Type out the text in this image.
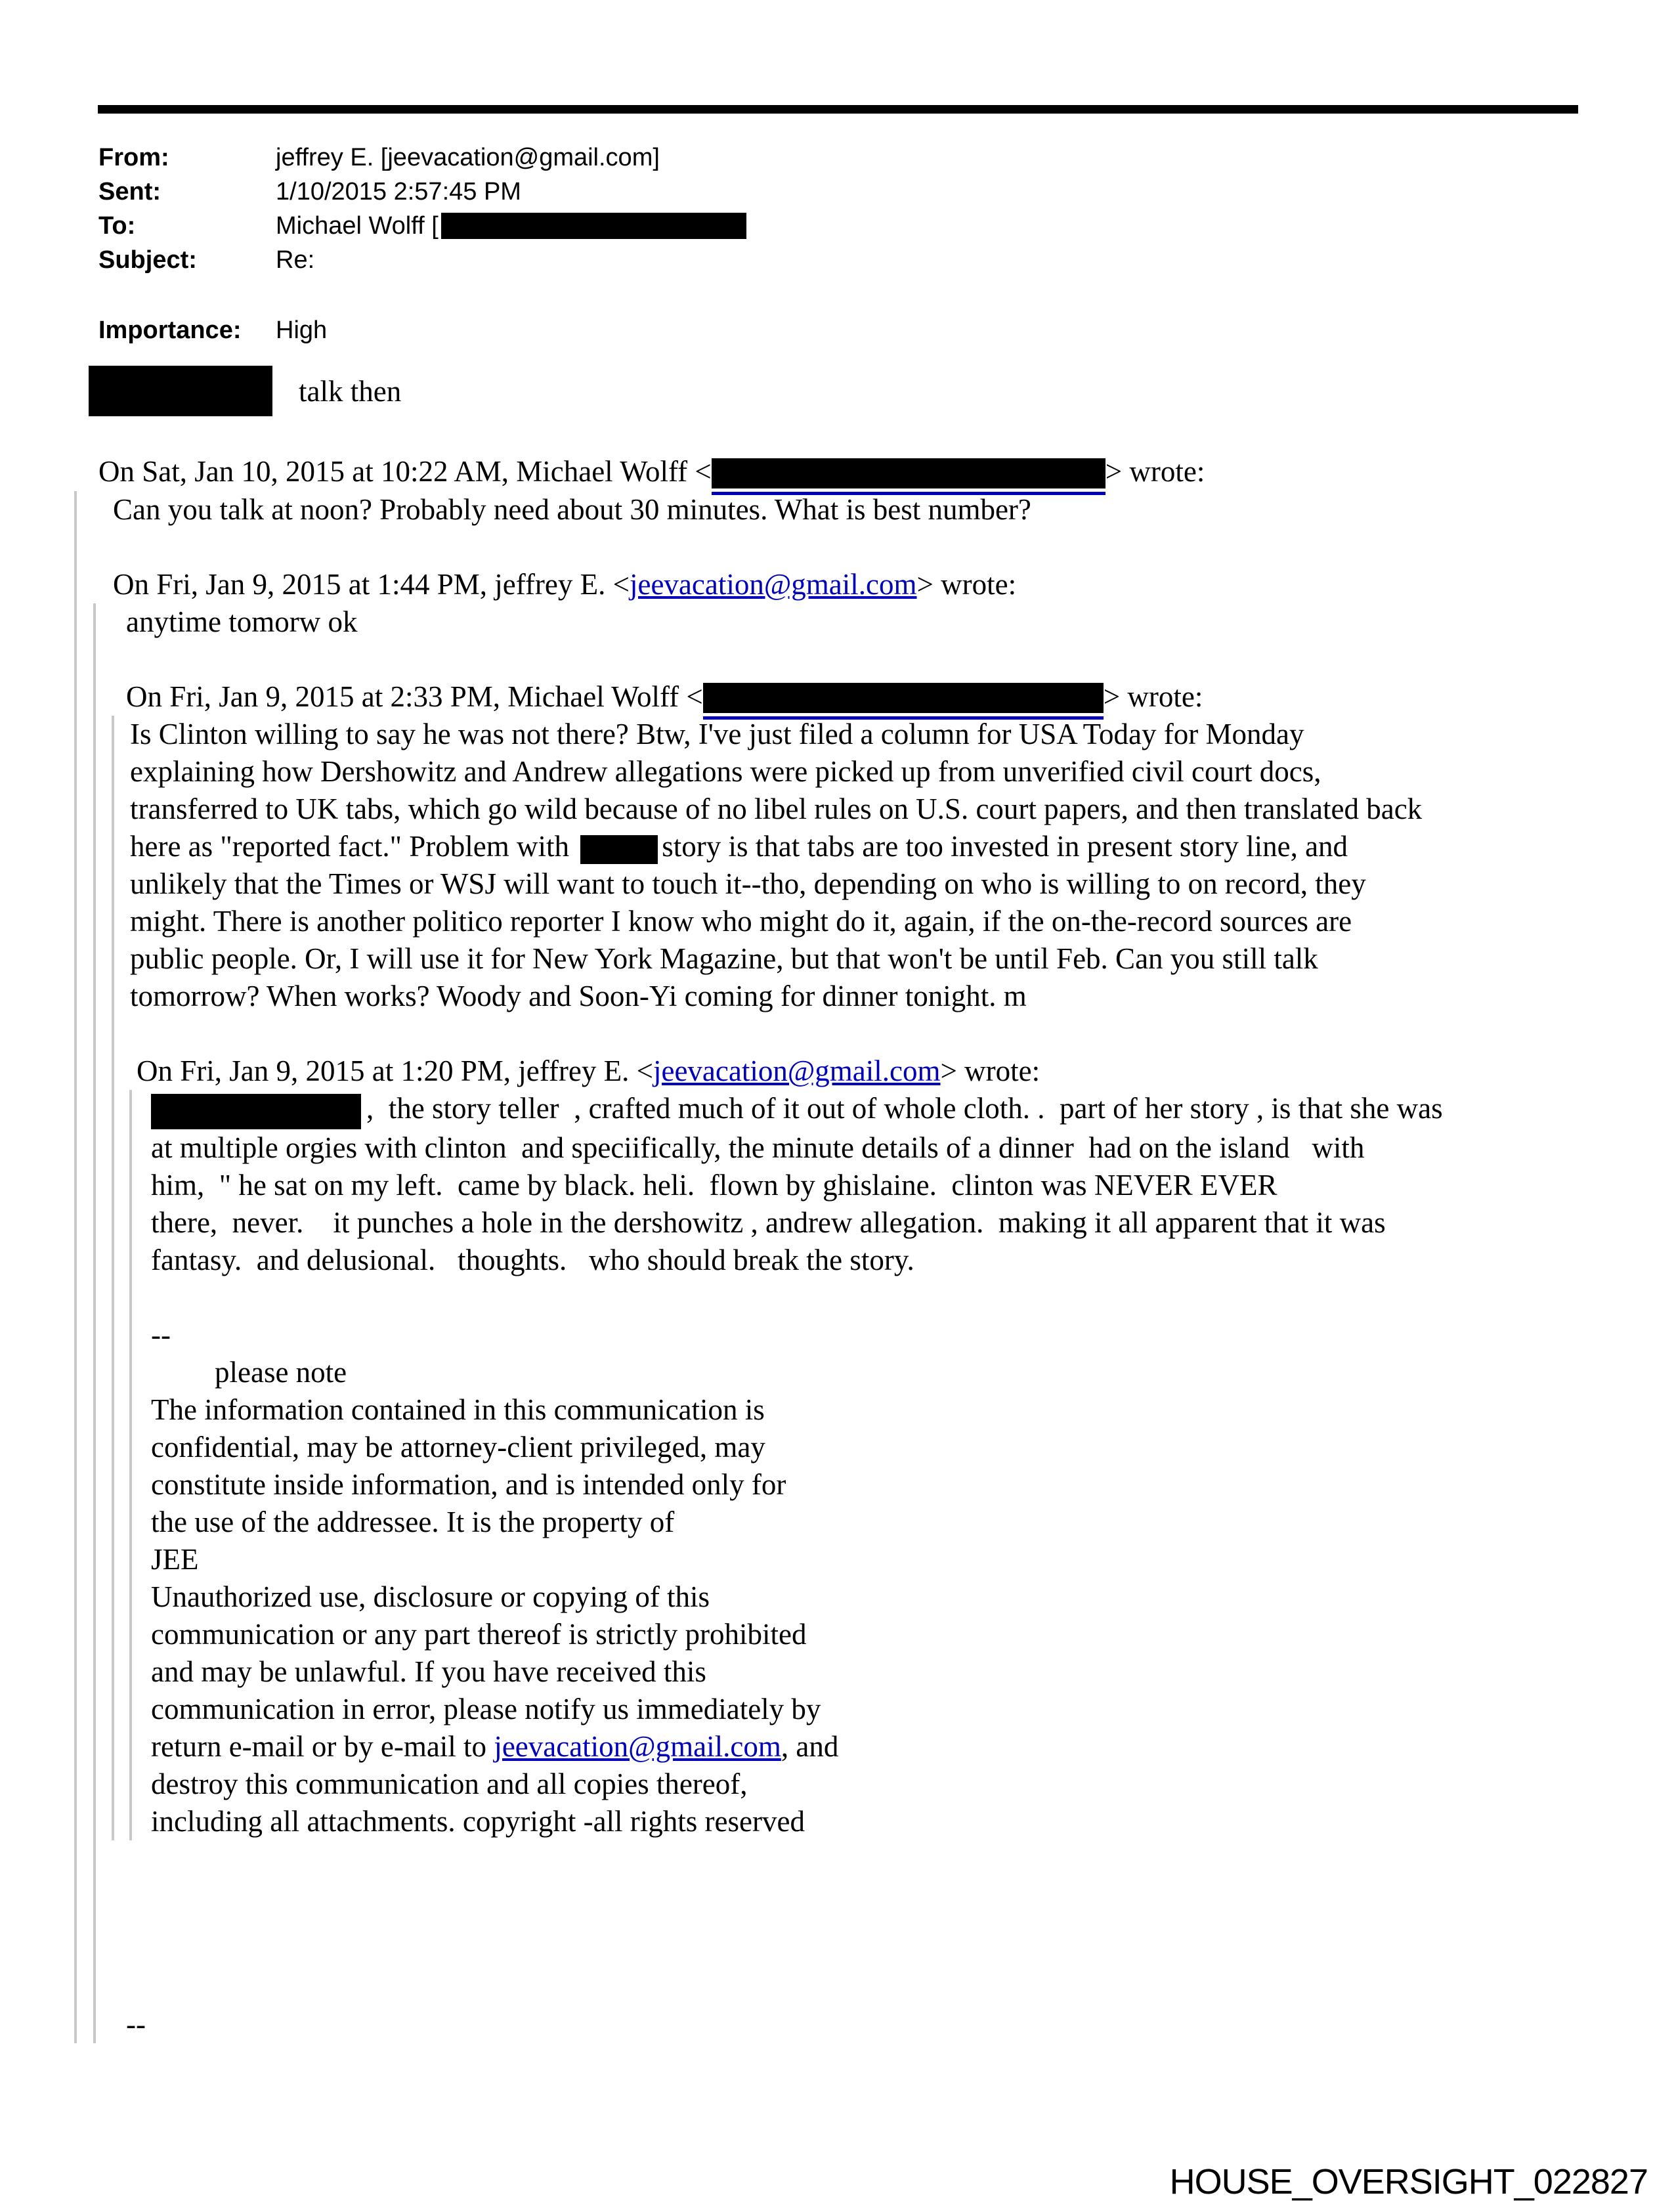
From:	jeffrey E. [jeevacation@gmail.com]
Sent:	1/10/2015 2:57:45 PM
To:	Michael Wolff [
Subject:	Re:
Importance:	High
talk then
On Sat, Jan 10, 2015 at 10:22 AM, Michael Wolff <	> wrote:
Can you talk at noon? Probably need about 30 minutes. What is best number?
On Fri, Jan 9, 2015 at 1:44 PM, jeffrey E. <jeevacation@gmail.com> wrote:
anytime tomorw ok
On Fri, Jan 9, 2015 at 2:33 PM, Michael Wolff <	> wrote:
Is Clinton willing to say he was not there? Btw, I've just filed a column for USA Today for Monday
explaining how Dershowitz and Andrew allegations were picked up from unverified civil court docs,
transferred to UK tabs, which go wild because of no libel rules on U.S. court papers, and then translated back
here as "reported fact." Problem with	story is that tabs are too invested in present story line, and
unlikely that the Times or WSJ will want to touch it--tho, depending on who is willing to on record, they
might. There is another politico reporter I know who might do it, again, if the on-the-record sources are
public people. Or, I will use it for New York Magazine, but that won't be until Feb. Can you still talk
tomorrow? When works? Woody and Soon-Yi coming for dinner tonight. m
On Fri, Jan 9, 2015 at 1:20 PM, jeffrey E. <jeevacation@gmail.com> wrote:
,  the story teller  , crafted much of it out of whole cloth. .  part of her story , is that she was
at multiple orgies with clinton  and speciifically, the minute details of a dinner  had on the island   with
him,  " he sat on my left.  came by black. heli.  flown by ghislaine.  clinton was NEVER EVER
there,  never.    it punches a hole in the dershowitz , andrew allegation.  making it all apparent that it was
fantasy.  and delusional.   thoughts.   who should break the story.
--
please note
The information contained in this communication is
confidential, may be attorney-client privileged, may
constitute inside information, and is intended only for
the use of the addressee. It is the property of
JEE
Unauthorized use, disclosure or copying of this
communication or any part thereof is strictly prohibited
and may be unlawful. If you have received this
communication in error, please notify us immediately by
return e-mail or by e-mail to jeevacation@gmail.com, and
destroy this communication and all copies thereof,
including all attachments. copyright -all rights reserved
--
HOUSE_OVERSIGHT_022827
